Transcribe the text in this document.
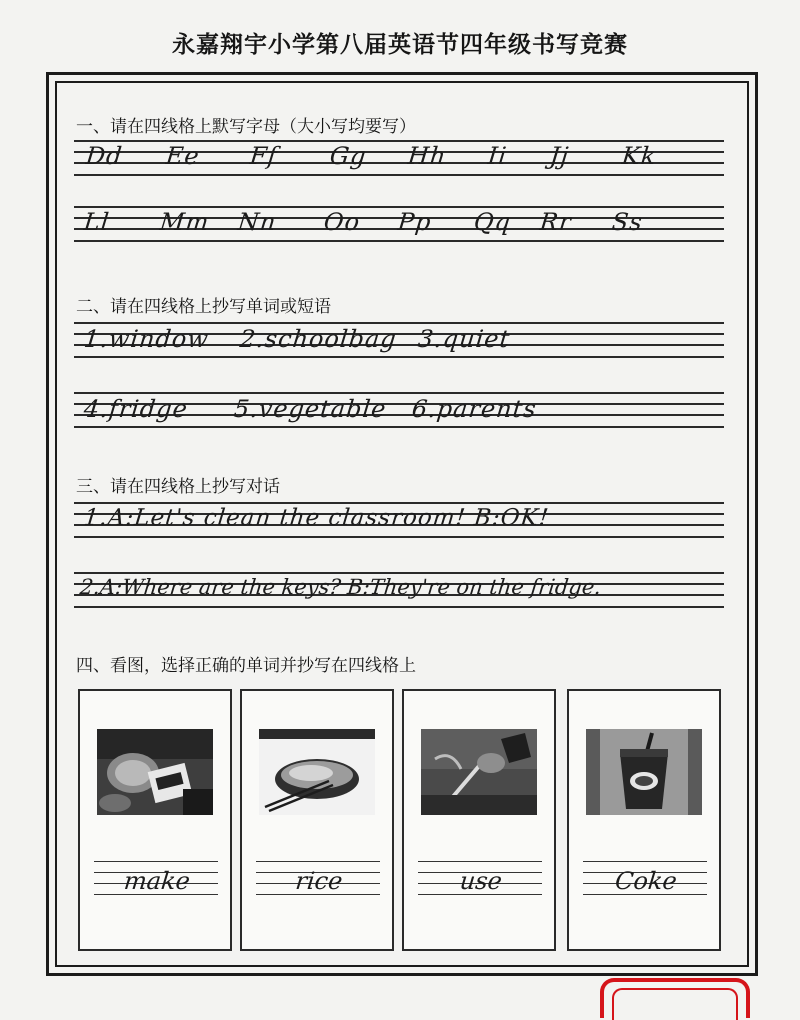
永嘉翔宇小学第八届英语节四年级书写竞赛
一、请在四线格上默写字母（大小写均要写）
Dd Ee Ff Gg Hh Ii Jj Kk
Ll Mm Nn Oo Pp Qq Rr Ss
二、请在四线格上抄写单词或短语
1.window 2.schoolbag 3.quiet
4.fridge 5.vegetable 6.parents
三、请在四线格上抄写对话
1.A:Let's clean the classroom! B:OK!
2.A:Where are the keys? B:They're on the fridge.
四、看图，选择正确的单词并抄写在四线格上
make	rice	use	Coke
